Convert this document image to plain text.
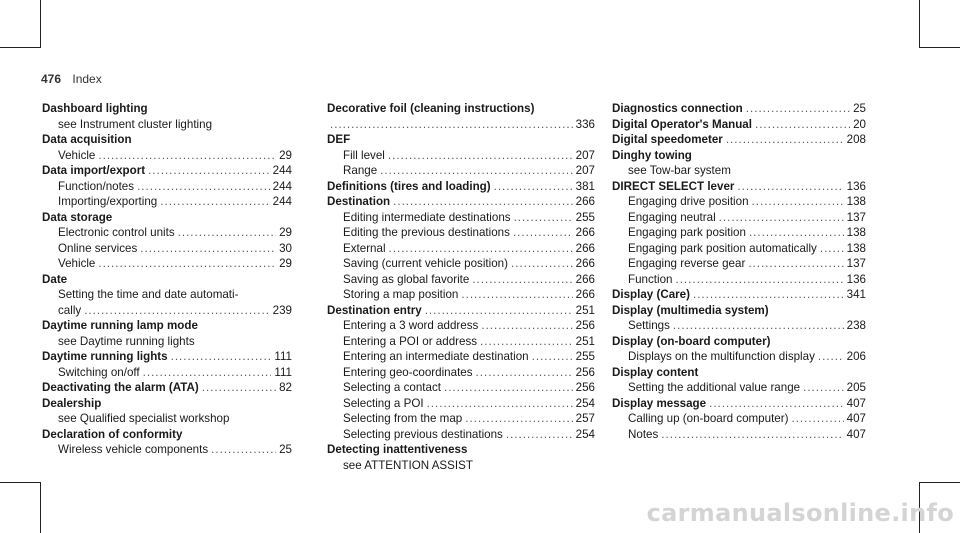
476 Index
Dashboard lighting
see Instrument cluster lighting
Data acquisition
Vehicle .....	29
Data import/export .....	244
Function/notes .....	244
Importing/exporting .....	244
Data storage
Electronic control units .....	29
Online services .....	30
Vehicle .....	29
Date
Setting the time and date automati-
cally .....	239
Daytime running lamp mode
see Daytime running lights
Daytime running lights .....	111
Switching on/off .....	111
Deactivating the alarm (ATA) .....	82
Dealership
see Qualified specialist workshop
Declaration of conformity
Wireless vehicle components .....	25
Decorative foil (cleaning instructions)
.....
336
DEF
Fill level .....	207
Range .....	207
Definitions (tires and loading) .....	381
Destination .....	266
Editing intermediate destinations .....	255
Editing the previous destinations .....	266
External .....	266
Saving (current vehicle position) .....	266
Saving as global favorite .....	266
Storing a map position .....	266
Destination entry .....	251
Entering a 3 word address .....	256
Entering a POI or address .....	251
Entering an intermediate destination .....	255
Entering geo-coordinates .....	256
Selecting a contact .....	256
Selecting a POI .....	254
Selecting from the map .....	257
Selecting previous destinations .....	254
Detecting inattentiveness
see ATTENTION ASSIST
Diagnostics connection .....	25
Digital Operator's Manual .....	20
Digital speedometer .....	208
Dinghy towing
see Tow-bar system
DIRECT SELECT lever .....	136
Engaging drive position .....	138
Engaging neutral .....	137
Engaging park position .....	138
Engaging park position automatically .....	138
Engaging reverse gear .....	137
Function .....	136
Display (Care) .....	341
Display (multimedia system)
Settings .....	238
Display (on-board computer)
Displays on the multifunction display .....	206
Display content
Setting the additional value range .....	205
Display message .....	407
Calling up (on-board computer) .....	407
Notes .....	407
carmanualsonline.info
